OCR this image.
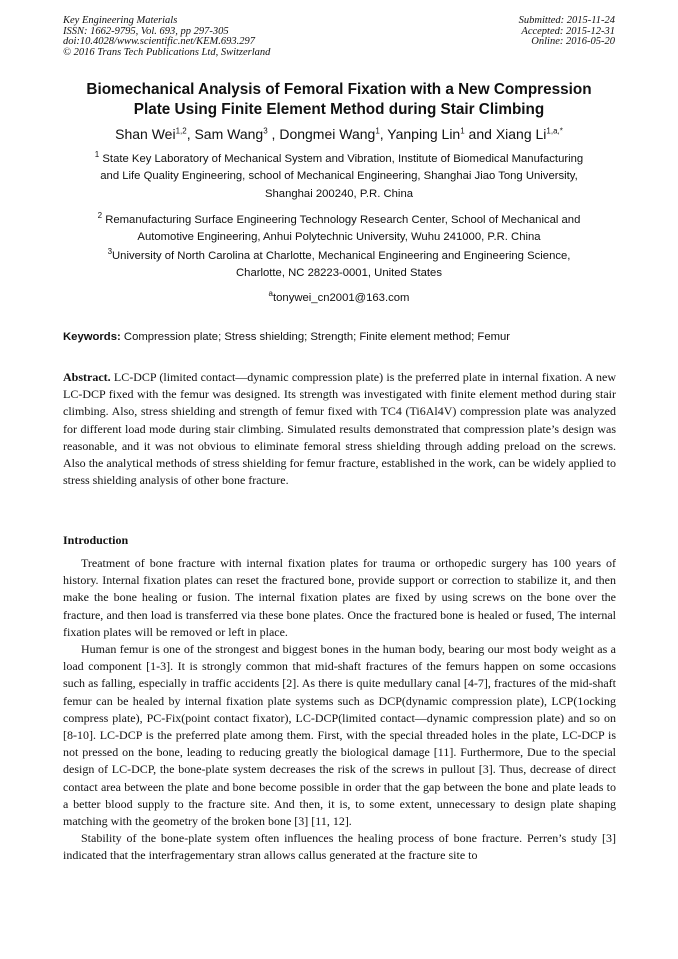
Key Engineering Materials
ISSN: 1662-9795, Vol. 693, pp 297-305
doi:10.4028/www.scientific.net/KEM.693.297
© 2016 Trans Tech Publications Ltd, Switzerland
Submitted: 2015-11-24
Accepted: 2015-12-31
Online: 2016-05-20
Biomechanical Analysis of Femoral Fixation with a New Compression
Plate Using Finite Element Method during Stair Climbing
Shan Wei$^{1,2}$, Sam Wang$^3$ , Dongmei Wang$^1$, Yanping Lin$^1$ and Xiang $Li^{1,a,*}$
$^1$ State Key Laboratory of Mechanical System and Vibration, Institute of Biomedical Manufacturing
and Life Quality Engineering, school of Mechanical Engineering, Shanghai Jiao Tong University,
Shanghai 200240, P.R. China
$^2$ Remanufacturing Surface Engineering Technology Research Center, School of Mechanical and
Automotive Engineering, Anhui Polytechnic University, Wuhu 241000, P.R. China
$^3$University of North Carolina at Charlotte, Mechanical Engineering and Engineering Science,
Charlotte, NC 28223-0001, United States
$^a$tonywei_cn2001@163.com
Keywords: Compression plate; Stress shielding; Strength; Finite element method; Femur

Abstract. LC-DCP (limited contact—dynamic compression plate) is the preferred plate in internal fixation. A new LC-DCP fixed with the femur was designed. Its strength was investigated with finite element method during stair climbing. Also, stress shielding and strength of femur fixed with TC4 (Ti6Al4V) compression plate was analyzed for different load mode during stair climbing. Simulated results demonstrated that compression plate’s design was reasonable, and it was not obvious to eliminate femoral stress shielding through adding preload on the screws. Also the analytical methods of stress shielding for femur fracture, established in the work, can be widely applied to stress shielding analysis of other bone fracture.

Introduction

Treatment of bone fracture with internal fixation plates for trauma or orthopedic surgery has 100 years of history. Internal fixation plates can reset the fractured bone, provide support or correction to stabilize it, and then make the bone healing or fusion. The internal fixation plates are fixed by using screws on the bone over the fracture, and then load is transferred via these bone plates. Once the fractured bone is healed or fused, The internal fixation plates will be removed or left in place.

Human femur is one of the strongest and biggest bones in the human body, bearing our most body weight as a load component [1-3]. It is strongly common that mid-shaft fractures of the femurs happen on some occasions such as falling, especially in traffic accidents [2]. As there is quite medullary canal [4-7], fractures of the mid-shaft femur can be healed by internal fixation plate systems such as DCP(dynamic compression plate), LCP(1ocking compress plate), PC-Fix(point contact fixator), LC-DCP(limited contact—dynamic compression plate) and so on [8-10]. LC-DCP is the preferred plate among them. First, with the special threaded holes in the plate, LC-DCP is not pressed on the bone, leading to reducing greatly the biological damage [11]. Furthermore, Due to the special design of LC-DCP, the bone-plate system decreases the risk of the screws in pullout [3]. Thus, decrease of direct contact area between the plate and bone become possible in order that the gap between the bone and plate leads to a better blood supply to the fracture site. And then, it is, to some extent, unnecessary to design plate shaping matching with the geometry of the broken bone [3] [11, 12].

Stability of the bone-plate system often influences the healing process of bone fracture. Perren’s study [3] indicated that the interfragementary stran allows callus generated at the fracture site to
